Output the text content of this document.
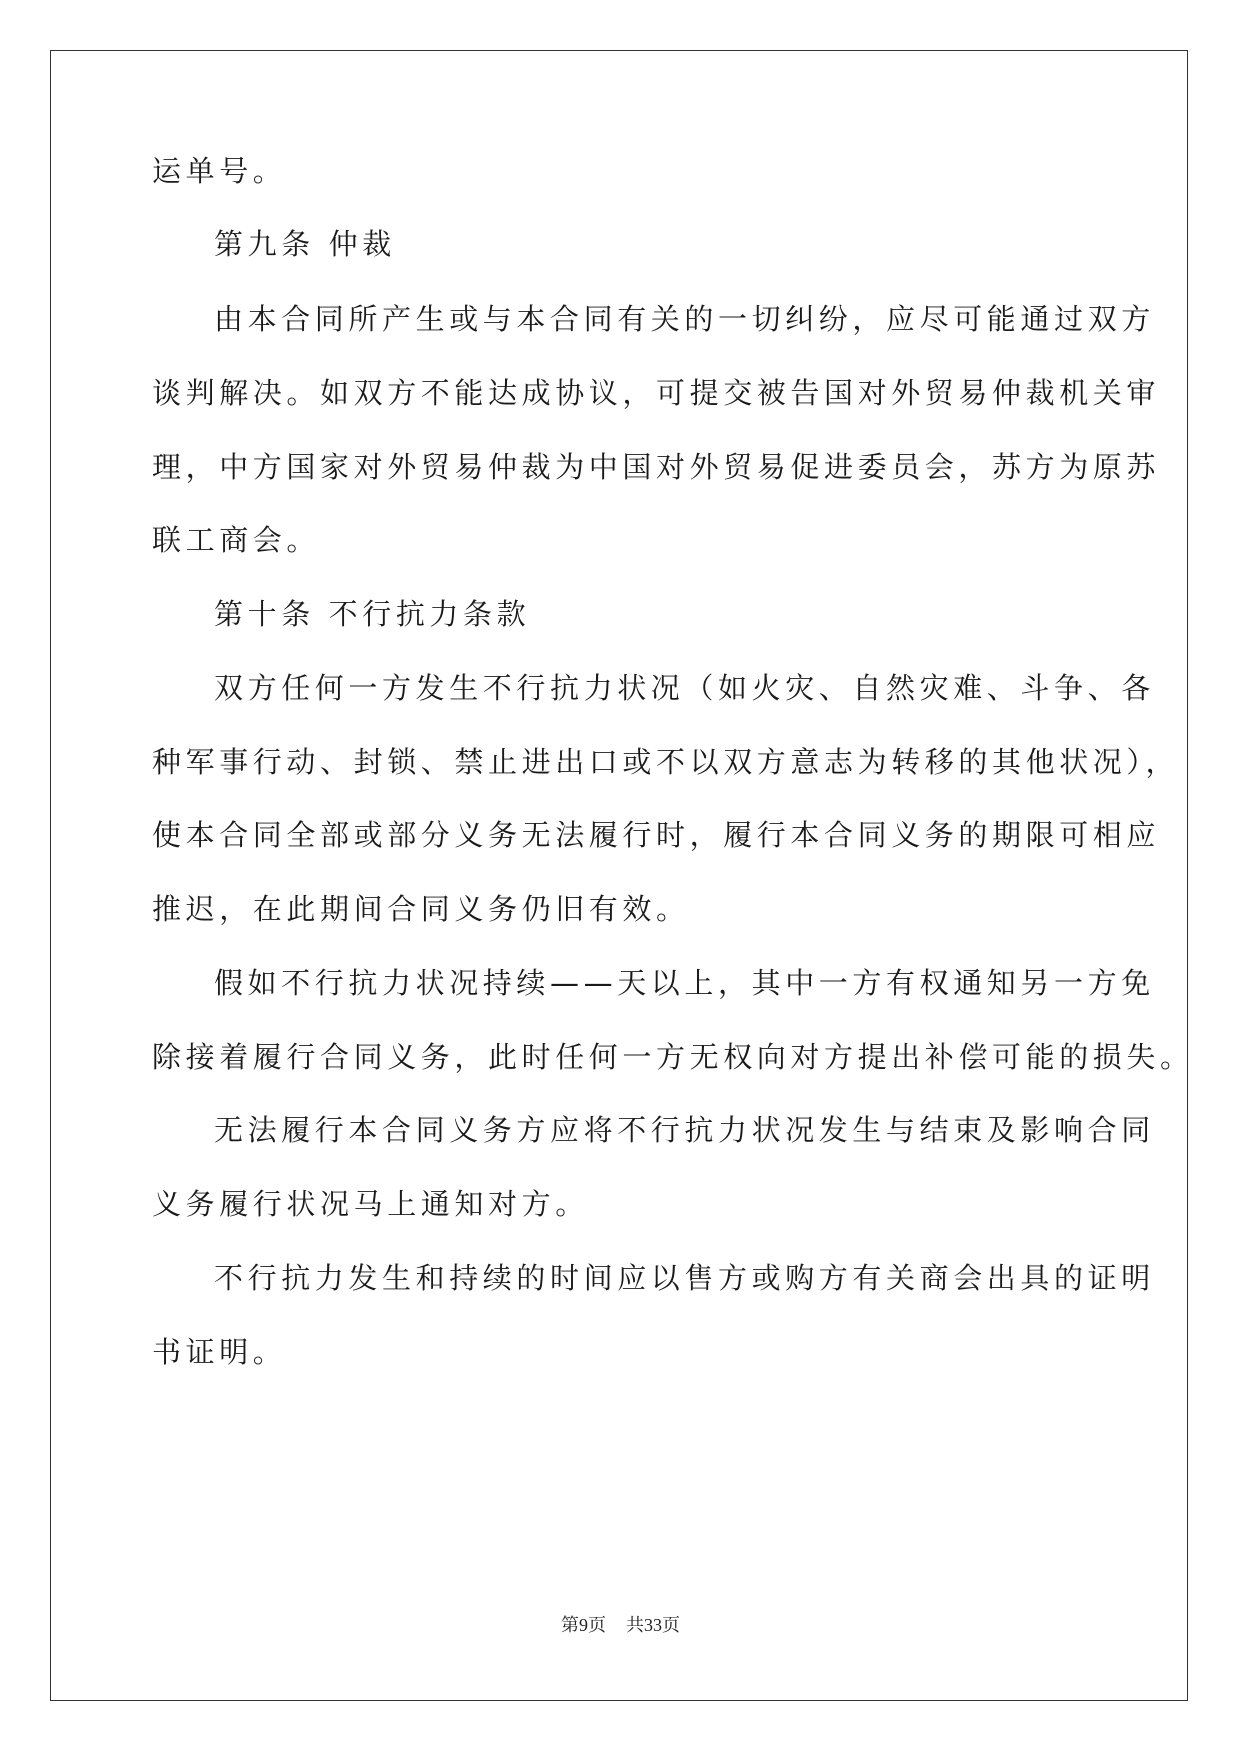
运单号。
第九条 仲裁
由本合同所产生或与本合同有关的一切纠纷，应尽可能通过双方
谈判解决。如双方不能达成协议，可提交被告国对外贸易仲裁机关审
理，中方国家对外贸易仲裁为中国对外贸易促进委员会，苏方为原苏
联工商会。
第十条 不行抗力条款
双方任何一方发生不行抗力状况（如火灾、自然灾难、斗争、各
种军事行动、封锁、禁止进出口或不以双方意志为转移的其他状况），
使本合同全部或部分义务无法履行时，履行本合同义务的期限可相应
推迟，在此期间合同义务仍旧有效。
假如不行抗力状况持续——天以上，其中一方有权通知另一方免
除接着履行合同义务，此时任何一方无权向对方提出补偿可能的损失。
无法履行本合同义务方应将不行抗力状况发生与结束及影响合同
义务履行状况马上通知对方。
不行抗力发生和持续的时间应以售方或购方有关商会出具的证明
书证明。
第9页 共33页
